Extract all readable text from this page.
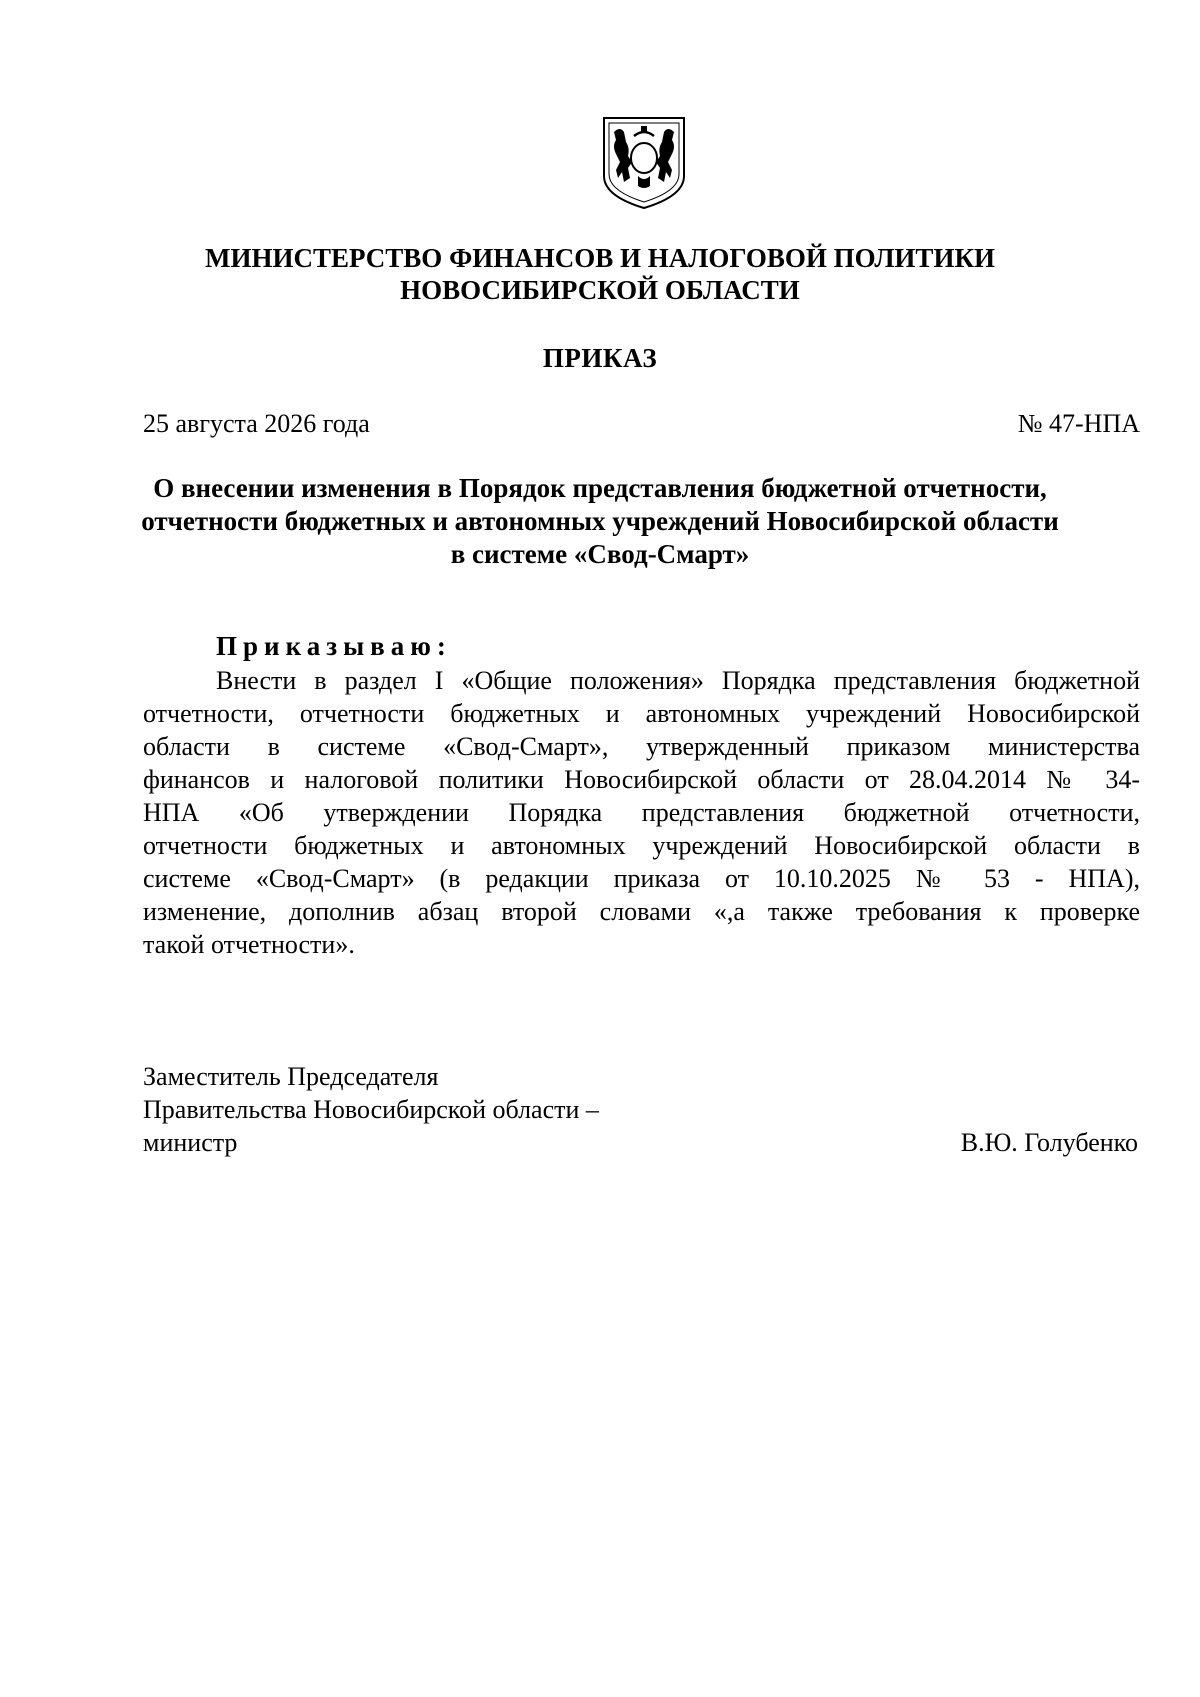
МИНИСТЕРСТВО ФИНАНСОВ И НАЛОГОВОЙ ПОЛИТИКИ
НОВОСИБИРСКОЙ ОБЛАСТИ
ПРИКАЗ
25 августа 2026 года	№ 47-НПА
О внесении изменения в Порядок представления бюджетной отчетности,
отчетности бюджетных и автономных учреждений Новосибирской области
в системе «Свод-Смарт»
Приказываю:
Внести в раздел I «Общие положения» Порядка представления бюджетной
отчетности, отчетности бюджетных и автономных учреждений Новосибирской
области в системе «Свод-Смарт», утвержденный приказом министерства
финансов и налоговой политики Новосибирской области от 28.04.2014 № 34-
НПА «Об утверждении Порядка представления бюджетной отчетности,
отчетности бюджетных и автономных учреждений Новосибирской области в
системе «Свод-Смарт» (в редакции приказа от 10.10.2025 № 53 - НПА),
изменение, дополнив абзац второй словами «,а также требования к проверке
такой отчетности».
Заместитель Председателя
Правительства Новосибирской области –
министр	В.Ю. Голубенко
